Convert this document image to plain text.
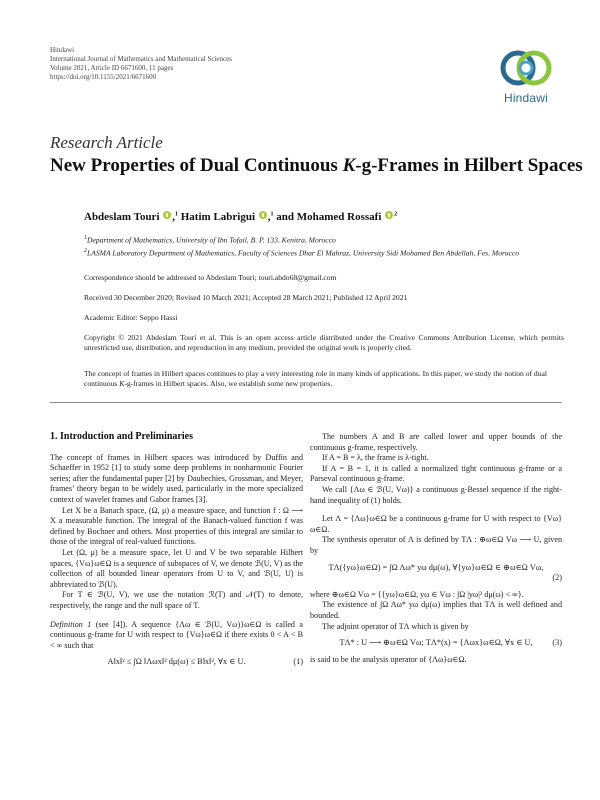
Hindawi
International Journal of Mathematics and Mathematical Sciences
Volume 2021, Article ID 6671600, 11 pages
https://doi.org/10.1155/2021/6671600
Hindawi
Research Article
New Properties of Dual Continuous K-g-Frames in Hilbert Spaces
Abdeslam Touri ,$^1$ Hatim Labrigui ,$^1$ and Mohamed Rossafi $^2$
$^1$Department of Mathematics, University of Ibn Tofail, B. P. 133, Kenitra, Morocco
$^2$LASMA Laboratory Department of Mathematics, Faculty of Sciences Dhar El Mahraz, University Sidi Mohamed Ben Abdellah, Fes, Morocco
Correspondence should be addressed to Abdeslam Touri; touri.abdo68@gmail.com
Received 30 December 2020; Revised 10 March 2021; Accepted 28 March 2021; Published 12 April 2021
Academic Editor: Seppo Hassi
Copyright © 2021 Abdeslam Touri et al. This is an open access article distributed under the Creative Commons Attribution License, which permits unrestricted use, distribution, and reproduction in any medium, provided the original work is properly cited.
The concept of frames in Hilbert spaces continues to play a very interesting role in many kinds of applications. In this paper, we study the notion of dual continuous K-g-frames in Hilbert spaces. Also, we establish some new properties.
1. Introduction and Preliminaries

The concept of frames in Hilbert spaces was introduced by Duffin and Schaeffer in 1952 [1] to study some deep problems in nonharmonic Fourier series; after the fundamental paper [2] by Daubechies, Grossman, and Meyer, frames’ theory began to be widely used, particularly in the more specialized context of wavelet frames and Gabor frames [3].

Let X be a Banach space, (Ω, μ) a measure space, and function f : Ω ⟶ X a measurable function. The integral of the Banach-valued function f was defined by Bochner and others. Most properties of this integral are similar to those of the integral of real-valued functions.

Let (Ω, μ) be a measure space, let U and V be two separable Hilbert spaces, {Vω}ω∈Ω is a sequence of subspaces of V, we denote ℬ(U, V) as the collection of all bounded linear operators from U to V, and ℬ(U, U) is abbreviated to ℬ(U).

For T ∈ ℬ(U, V), we use the notation ℛ(T) and 𝒩(T) to denote, respectively, the range and the null space of T.

Definition 1 (see [4]). A sequence {Λω ∈ ℬ(U, Vω)}ω∈Ω is called a continuous g-frame for U with respect to {Vω}ω∈Ω if there exists 0 < A < B < ∞ such that

A‖x‖² ≤ ∫Ω ‖Λωx‖² dμ(ω) ≤ B‖x‖², ∀x ∈ U.	(1)

The numbers A and B are called lower and upper bounds of the continuous g-frame, respectively.

If A = B = λ, the frame is λ-tight.

If A = B = 1, it is called a normalized tight continuous g-frame or a Parseval continuous g-frame.

We call {Λω ∈ ℬ(U, Vω)} a continuous g-Bessel sequence if the right-hand inequality of (1) holds.

Let Λ = {Λω}ω∈Ω be a continuous g-frame for U with respect to {Vω}ω∈Ω.

The synthesis operator of Λ is defined by TΛ : ⊕ω∈Ω Vω ⟶ U, given by

TΛ({yω}ω∈Ω) = ∫Ω Λω* yω dμ(ω), ∀{yω}ω∈Ω ∈ ⊕ω∈Ω Vω,
(2)

where ⊕ω∈Ω Vω = {{yω}ω∈Ω, yω ∈ Vω : ∫Ω |yω|² dμ(ω) < ∞}.

The existence of ∫Ω Λω* yω dμ(ω) implies that TΛ is well defined and bounded.

The adjoint operator of TΛ which is given by

TΛ* : U ⟶ ⊕ω∈Ω Vω; TΛ*(x) = {Λωx}ω∈Ω, ∀x ∈ U, (3)

is said to be the analysis operator of {Λω}ω∈Ω.
